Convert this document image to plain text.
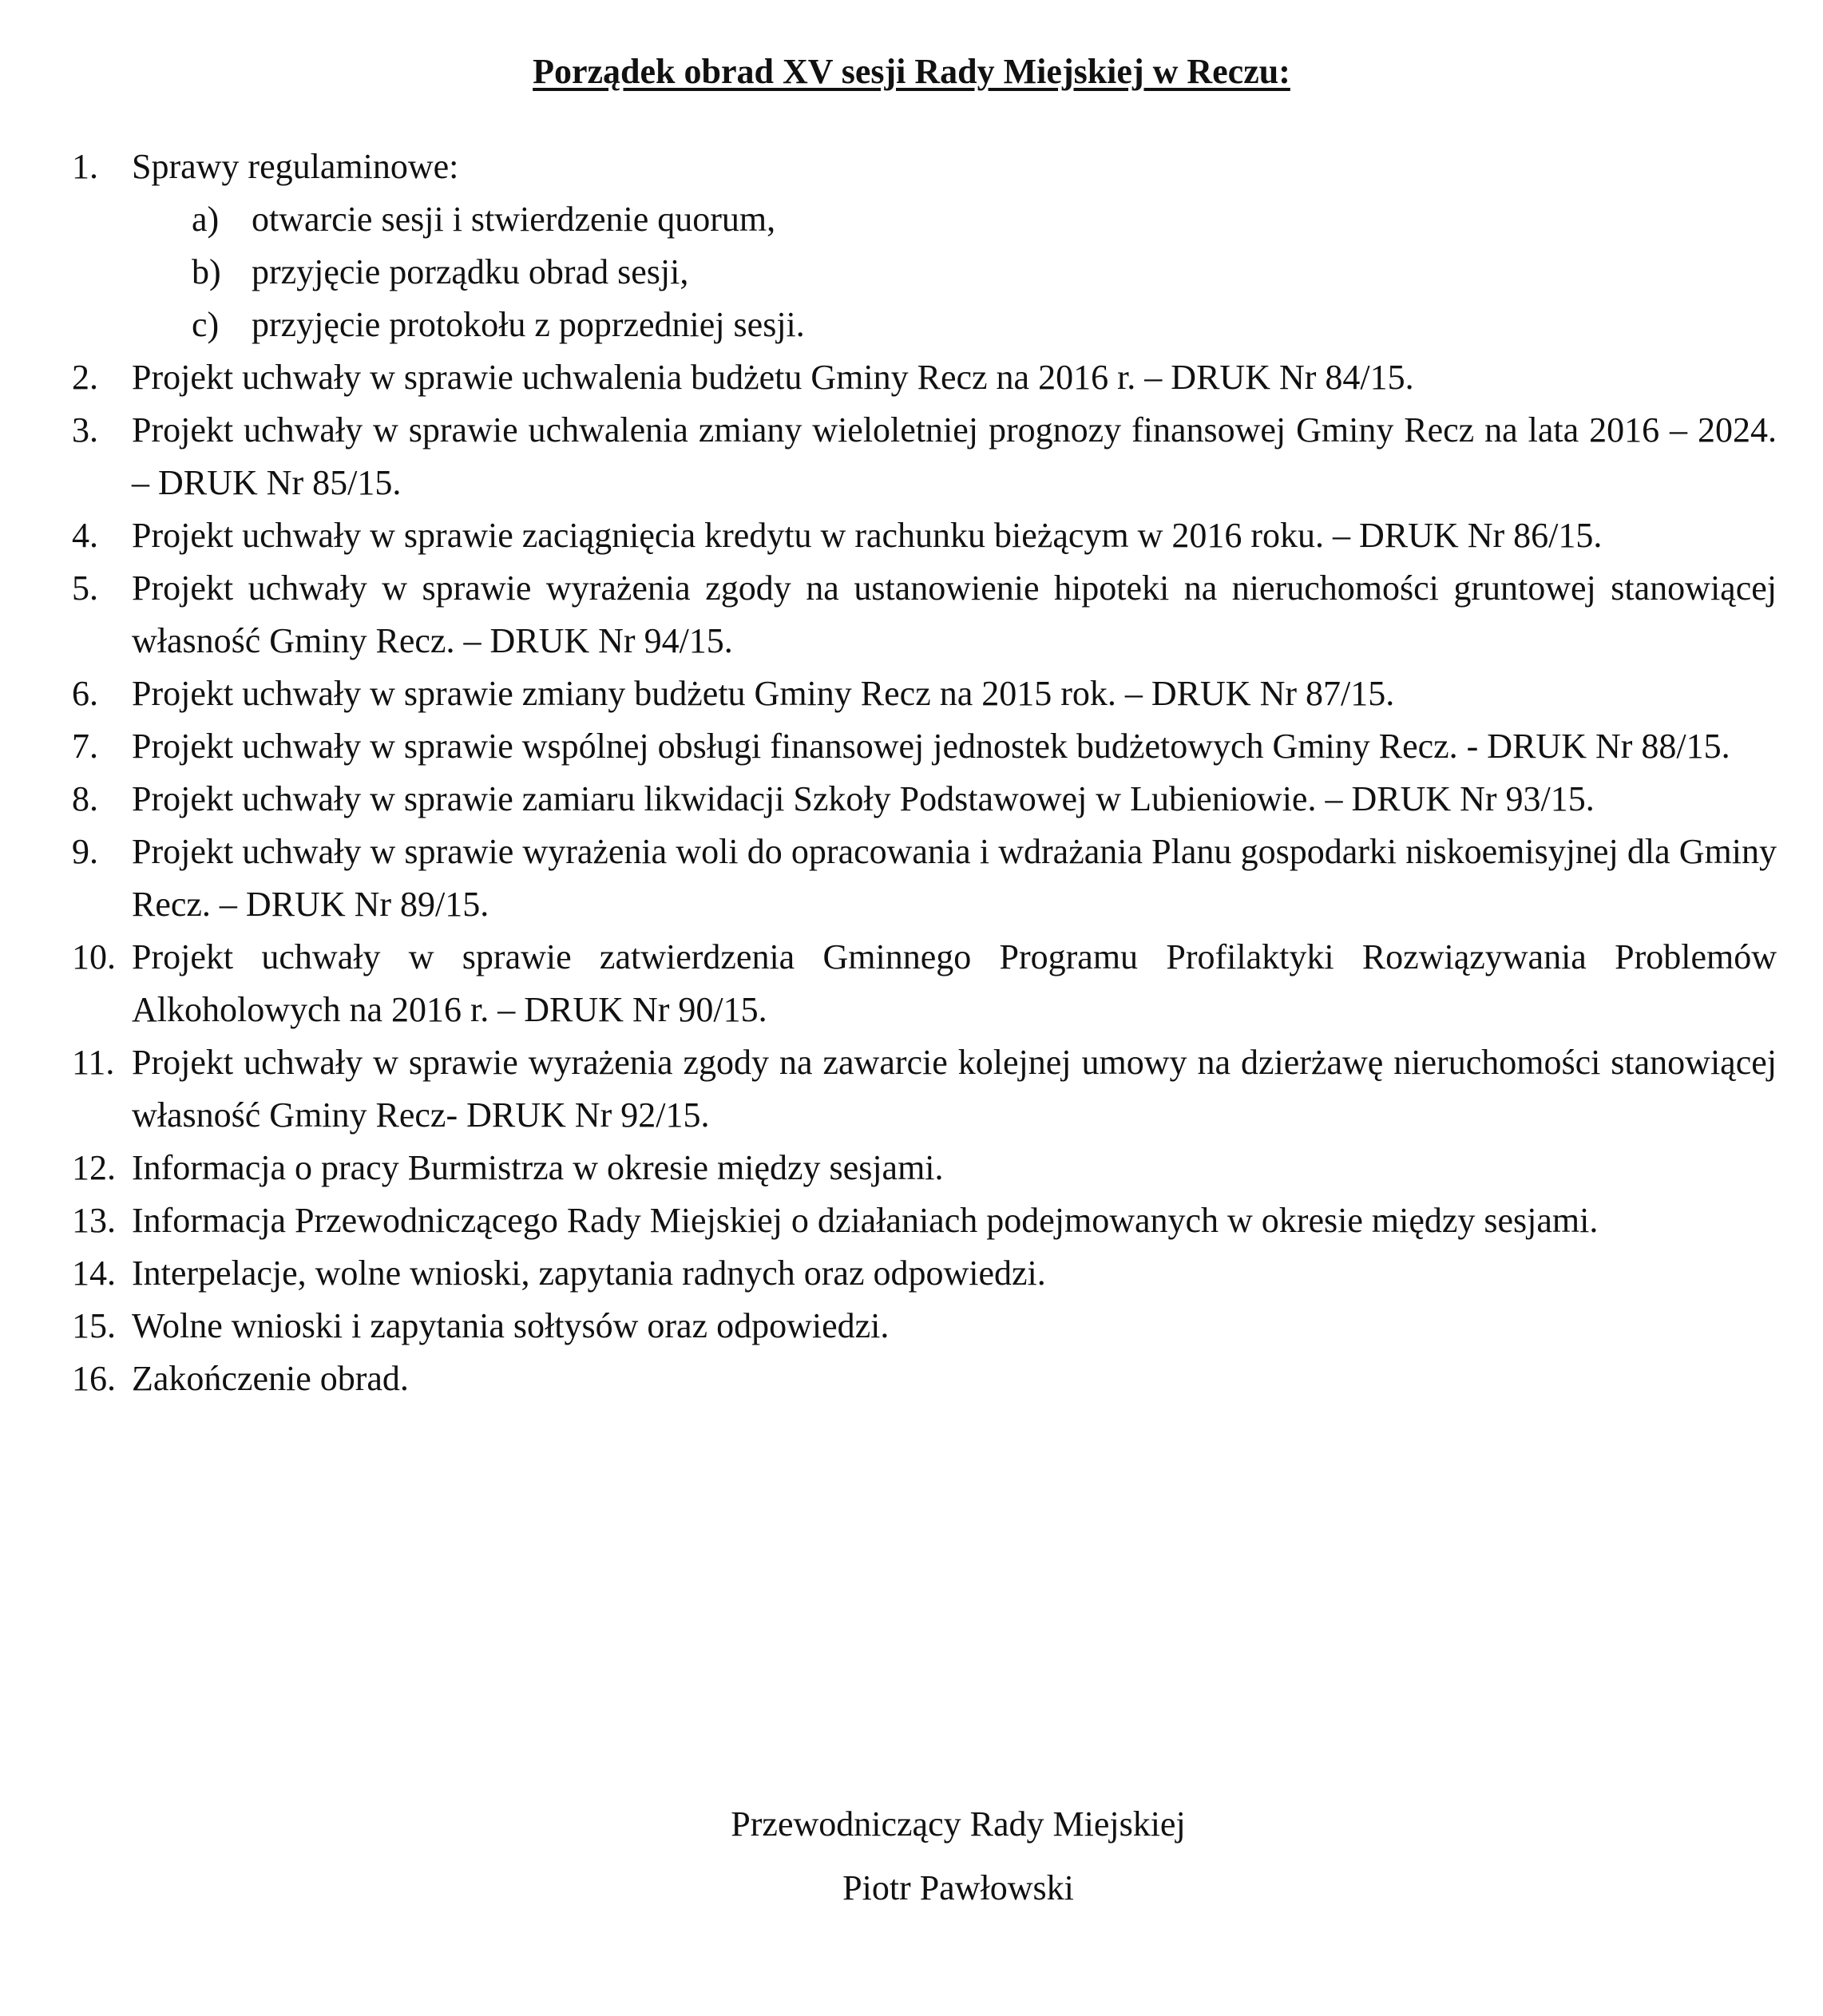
Porządek obrad XV sesji Rady Miejskiej w Reczu:
1. Sprawy regulaminowe:
a) otwarcie sesji i stwierdzenie quorum,
b) przyjęcie porządku obrad sesji,
c) przyjęcie protokołu z poprzedniej sesji.
2. Projekt uchwały w sprawie uchwalenia budżetu Gminy Recz na 2016 r. – DRUK Nr 84/15.
3. Projekt uchwały w sprawie uchwalenia zmiany wieloletniej prognozy finansowej Gminy Recz na lata 2016 – 2024. – DRUK Nr 85/15.
4. Projekt uchwały w sprawie zaciągnięcia kredytu w rachunku bieżącym w 2016 roku. – DRUK Nr 86/15.
5. Projekt uchwały w sprawie wyrażenia zgody na ustanowienie hipoteki na nieruchomości gruntowej stanowiącej własność Gminy Recz. – DRUK Nr 94/15.
6. Projekt uchwały w sprawie zmiany budżetu Gminy Recz na 2015 rok. – DRUK Nr 87/15.
7. Projekt uchwały w sprawie wspólnej obsługi finansowej jednostek budżetowych Gminy Recz. - DRUK Nr 88/15.
8. Projekt uchwały w sprawie zamiaru likwidacji Szkoły Podstawowej w Lubieniowie. – DRUK Nr 93/15.
9. Projekt uchwały w sprawie wyrażenia woli do opracowania i wdrażania Planu gospodarki niskoemisyjnej dla Gminy Recz. – DRUK Nr 89/15.
10. Projekt uchwały w sprawie zatwierdzenia Gminnego Programu Profilaktyki Rozwiązywania Problemów Alkoholowych na 2016 r. – DRUK Nr 90/15.
11. Projekt uchwały w sprawie wyrażenia zgody na zawarcie kolejnej umowy na dzierżawę nieruchomości stanowiącej własność Gminy Recz- DRUK Nr 92/15.
12. Informacja o pracy Burmistrza w okresie między sesjami.
13. Informacja Przewodniczącego Rady Miejskiej o działaniach podejmowanych w okresie między sesjami.
14. Interpelacje, wolne wnioski, zapytania radnych oraz odpowiedzi.
15. Wolne wnioski i zapytania sołtysów oraz odpowiedzi.
16. Zakończenie obrad.
Przewodniczący Rady Miejskiej
Piotr Pawłowski
